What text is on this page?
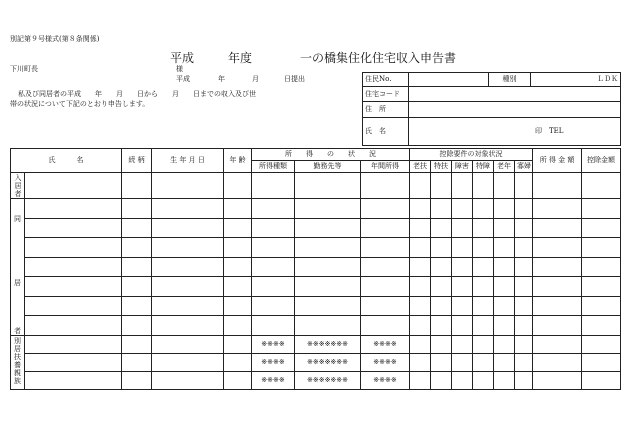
別記第９号様式(第８条関係)
平成	年度	一の橋集住化住宅収入申告書
下川町長	様
平成	年	月	日提出
私及び同居者の平成　　年　　月　　日から　　月　　日までの収入及び世
帯の状況について下記のとおり申告します。
住民No.		種別	ＬＤＫ
住宅コード			
住　所			
氏　名	印 TEL		
氏　　　名		続 柄	生 年 月 日	年 齢	所　　得　　の　　状　　況			控除要件の対象状況						所 得 金 額	控除金額
					所得種類	勤務先等	年間所得	老扶	特扶	障害	特障	老年	寡婦		
入居者															

同
居
者															

別居扶養親族					※※※※	※※※※※※※	※※※※								
					※※※※	※※※※※※※	※※※※								
					※※※※	※※※※※※※	※※※※								
